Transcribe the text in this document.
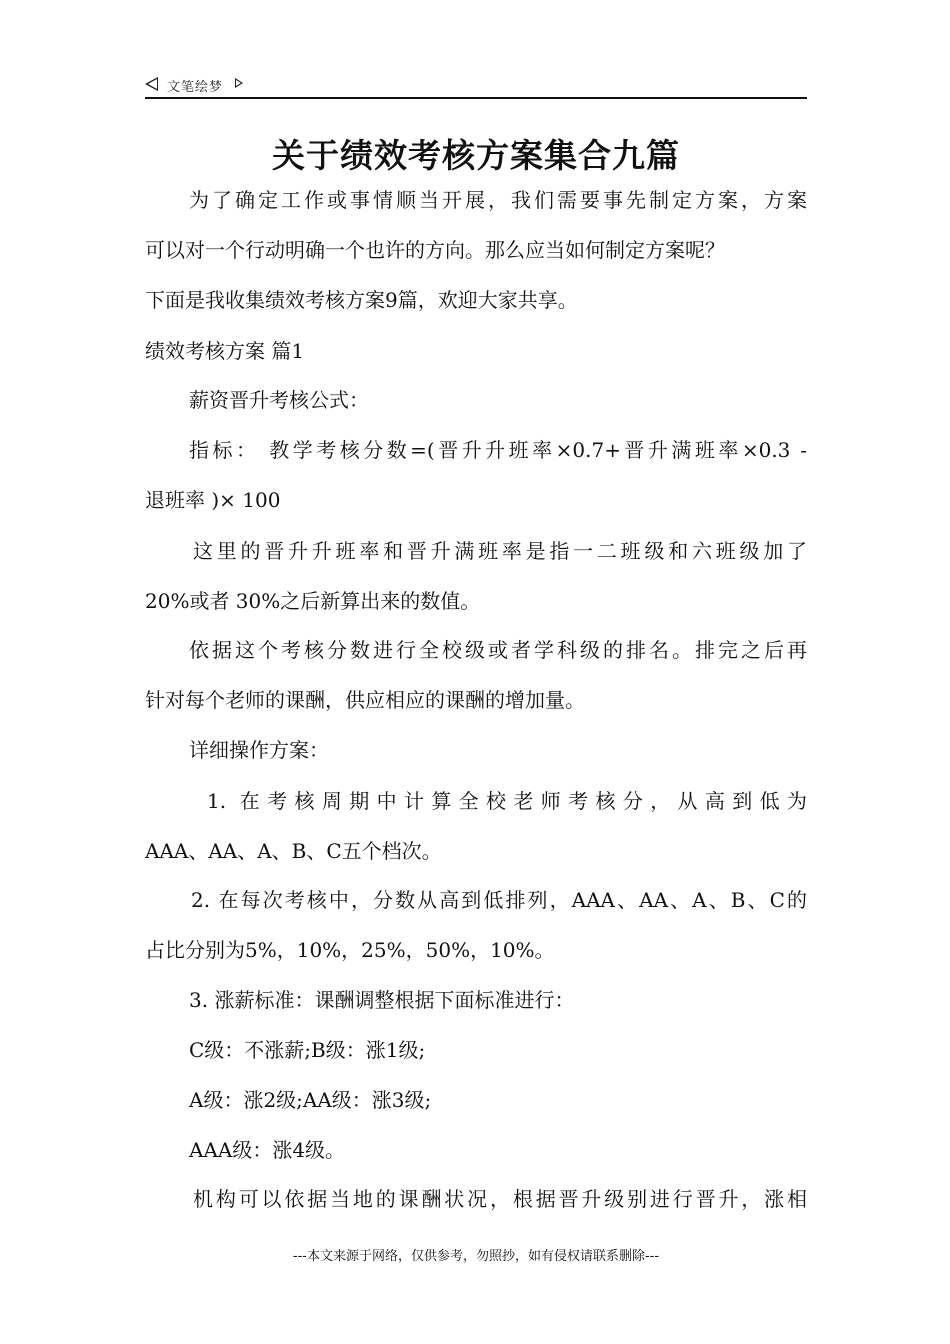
文笔绘梦
关于绩效考核方案集合九篇
为了确定工作或事情顺当开展，我们需要事先制定方案，方案
可以对一个行动明确一个也许的方向。那么应当如何制定方案呢？
下面是我收集绩效考核方案9篇，欢迎大家共享。
绩效考核方案 篇1
薪资晋升考核公式：
指标： 教学考核分数=(晋升升班率×0.7+晋升满班率×0.3 -
退班率 )× 100
这里的晋升升班率和晋升满班率是指一二班级和六班级加了
20%或者 30%之后新算出来的数值。
依据这个考核分数进行全校级或者学科级的排名。排完之后再
针对每个老师的课酬，供应相应的课酬的增加量。
详细操作方案：
1. 在考核周期中计算全校老师考核分，从高到低为
AAA、AA、A、B、C五个档次。
2. 在每次考核中，分数从高到低排列，AAA、AA、A、B、C的
占比分别为5%，10%，25%，50%，10%。
3. 涨薪标准：课酬调整根据下面标准进行：
C级：不涨薪;B级：涨1级;
A级：涨2级;AA级：涨3级;
AAA级：涨4级。
机构可以依据当地的课酬状况，根据晋升级别进行晋升，涨相
---本文来源于网络，仅供参考，勿照抄，如有侵权请联系删除---
